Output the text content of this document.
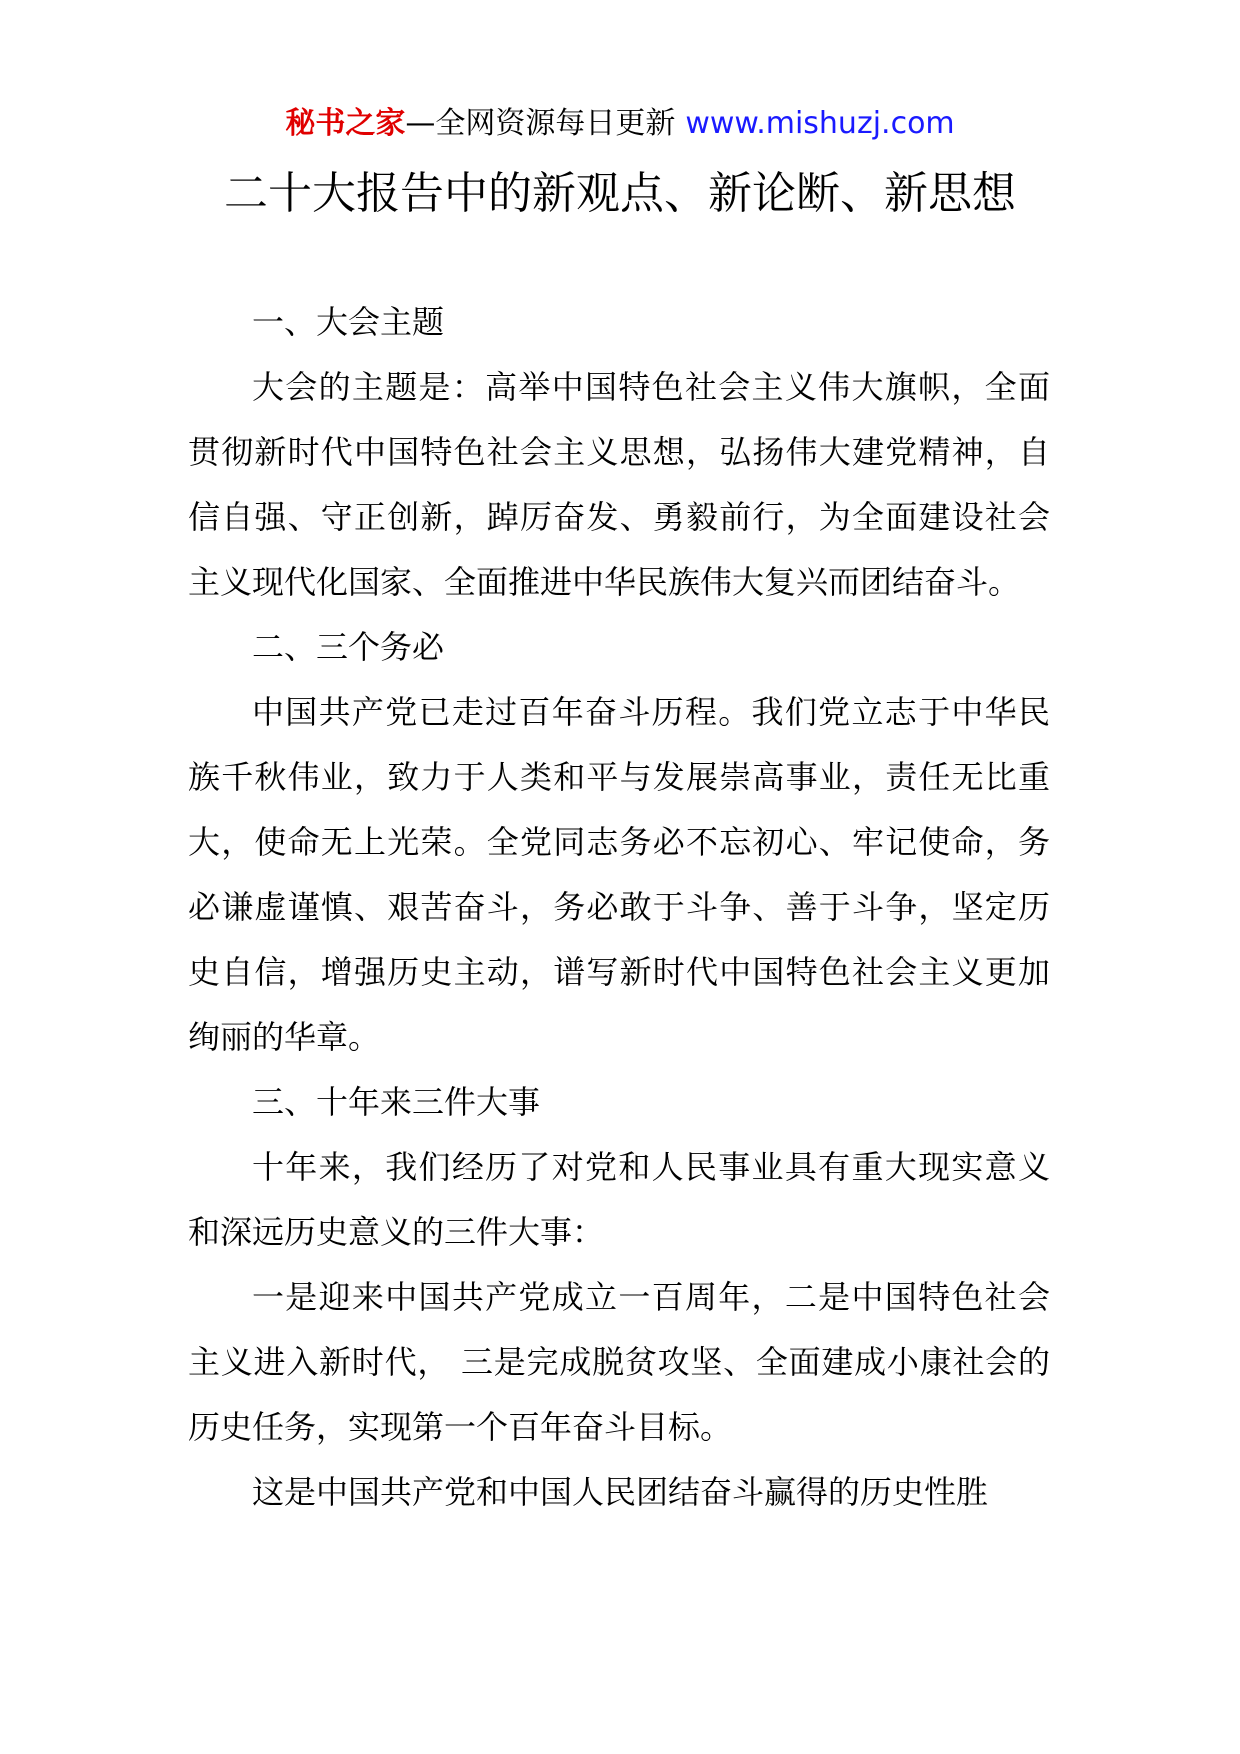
秘书之家—全网资源每日更新 www.mishuzj.com
二十大报告中的新观点、新论断、新思想

一、大会主题

大会的主题是：高举中国特色社会主义伟大旗帜，全面贯彻新时代中国特色社会主义思想，弘扬伟大建党精神，自信自强、守正创新，踔厉奋发、勇毅前行，为全面建设社会主义现代化国家、全面推进中华民族伟大复兴而团结奋斗。

二、三个务必

中国共产党已走过百年奋斗历程。我们党立志于中华民族千秋伟业，致力于人类和平与发展崇高事业，责任无比重大，使命无上光荣。全党同志务必不忘初心、牢记使命，务必谦虚谨慎、艰苦奋斗，务必敢于斗争、善于斗争，坚定历史自信，增强历史主动，谱写新时代中国特色社会主义更加绚丽的华章。

三、十年来三件大事

十年来，我们经历了对党和人民事业具有重大现实意义和深远历史意义的三件大事：

一是迎来中国共产党成立一百周年，二是中国特色社会主义进入新时代， 三是完成脱贫攻坚、全面建成小康社会的历史任务，实现第一个百年奋斗目标。

这是中国共产党和中国人民团结奋斗赢得的历史性胜
